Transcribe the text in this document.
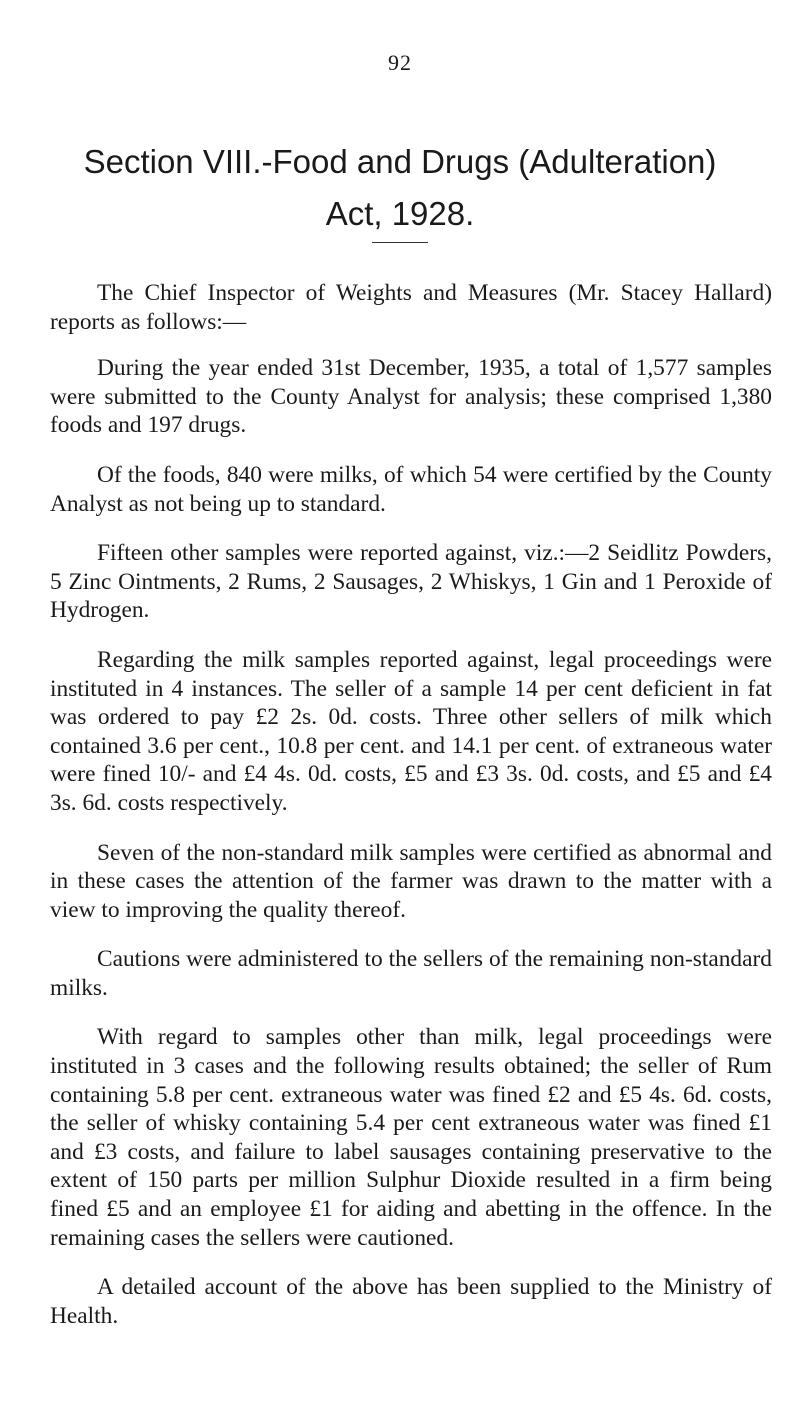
92
Section VIII.-Food and Drugs (Adulteration)
Act, 1928.

The Chief Inspector of Weights and Measures (Mr. Stacey Hallard) reports as follows:—

During the year ended 31st December, 1935, a total of 1,577 samples were submitted to the County Analyst for analysis; these comprised 1,380 foods and 197 drugs.

Of the foods, 840 were milks, of which 54 were certified by the County Analyst as not being up to standard.

Fifteen other samples were reported against, viz.:—2 Seidlitz Powders, 5 Zinc Ointments, 2 Rums, 2 Sausages, 2 Whiskys, 1 Gin and 1 Peroxide of Hydrogen.

Regarding the milk samples reported against, legal proceedings were instituted in 4 instances. The seller of a sample 14 per cent deficient in fat was ordered to pay £2 2s. 0d. costs. Three other sellers of milk which contained 3.6 per cent., 10.8 per cent. and 14.1 per cent. of extraneous water were fined 10/- and £4 4s. 0d. costs, £5 and £3 3s. 0d. costs, and £5 and £4 3s. 6d. costs respectively.

Seven of the non-standard milk samples were certified as abnormal and in these cases the attention of the farmer was drawn to the matter with a view to improving the quality thereof.

Cautions were administered to the sellers of the remaining non-standard milks.

With regard to samples other than milk, legal proceedings were instituted in 3 cases and the following results obtained; the seller of Rum containing 5.8 per cent. extraneous water was fined £2 and £5 4s. 6d. costs, the seller of whisky containing 5.4 per cent extraneous water was fined £1 and £3 costs, and failure to label sausages containing preservative to the extent of 150 parts per million Sulphur Dioxide resulted in a firm being fined £5 and an employee £1 for aiding and abetting in the offence. In the remaining cases the sellers were cautioned.

A detailed account of the above has been supplied to the Ministry of Health.
